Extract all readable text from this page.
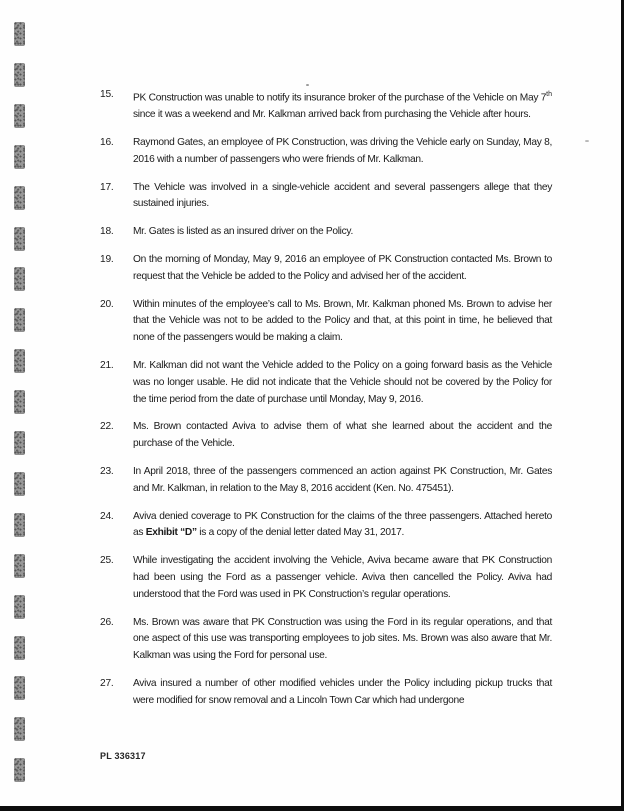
15.	PK Construction was unable to notify its insurance broker of the purchase of the Vehicle on May 7th since it was a weekend and Mr. Kalkman arrived back from purchasing the Vehicle after hours.
16.	Raymond Gates, an employee of PK Construction, was driving the Vehicle early on Sunday, May 8, 2016 with a number of passengers who were friends of Mr. Kalkman.
17.	The Vehicle was involved in a single-vehicle accident and several passengers allege that they sustained injuries.
18.	Mr. Gates is listed as an insured driver on the Policy.
19.	On the morning of Monday, May 9, 2016 an employee of PK Construction contacted Ms. Brown to request that the Vehicle be added to the Policy and advised her of the accident.
20.	Within minutes of the employee’s call to Ms. Brown, Mr. Kalkman phoned Ms. Brown to advise her that the Vehicle was not to be added to the Policy and that, at this point in time, he believed that none of the passengers would be making a claim.
21.	Mr. Kalkman did not want the Vehicle added to the Policy on a going forward basis as the Vehicle was no longer usable. He did not indicate that the Vehicle should not be covered by the Policy for the time period from the date of purchase until Monday, May 9, 2016.
22.	Ms. Brown contacted Aviva to advise them of what she learned about the accident and the purchase of the Vehicle.
23.	In April 2018, three of the passengers commenced an action against PK Construction, Mr. Gates and Mr. Kalkman, in relation to the May 8, 2016 accident (Ken. No. 475451).
24.	Aviva denied coverage to PK Construction for the claims of the three passengers. Attached hereto as Exhibit “D” is a copy of the denial letter dated May 31, 2017.
25.	While investigating the accident involving the Vehicle, Aviva became aware that PK Construction had been using the Ford as a passenger vehicle. Aviva then cancelled the Policy. Aviva had understood that the Ford was used in PK Construction’s regular operations.
26.	Ms. Brown was aware that PK Construction was using the Ford in its regular operations, and that one aspect of this use was transporting employees to job sites. Ms. Brown was also aware that Mr. Kalkman was using the Ford for personal use.
27.	Aviva insured a number of other modified vehicles under the Policy including pickup trucks that were modified for snow removal and a Lincoln Town Car which had undergone
PL 336317
